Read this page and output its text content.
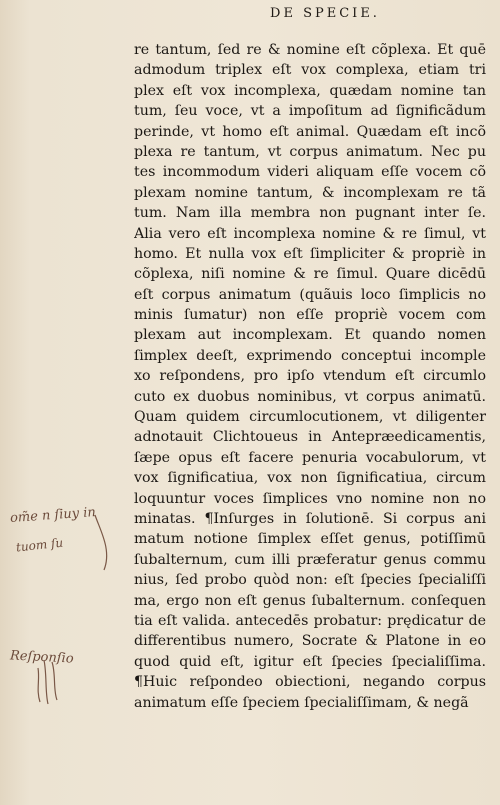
DE SPECIE.
re tantum, ſed re & nomine eſt cõplexa. Et quē
admodum triplex eſt vox complexa, etiam tri
plex eſt vox incomplexa, quædam nomine tan
tum, ſeu voce, vt a impoſitum ad ſignificãdum
perinde, vt homo eſt animal. Quædam eſt incõ
plexa re tantum, vt corpus animatum. Nec pu
tes incommodum videri aliquam eſſe vocem cõ
plexam nomine tantum, & incomplexam re tã
tum. Nam illa membra non pugnant inter ſe.
Alia vero eſt incomplexa nomine & re ſimul, vt
homo. Et nulla vox eſt ſimpliciter & propriè in
cõplexa, niſi nomine & re ſimul. Quare dicēdū
eſt corpus animatum (quãuis loco ſimplicis no
minis ſumatur) non eſſe propriè vocem com
plexam aut incomplexam. Et quando nomen
ſimplex deeſt, exprimendo conceptui incomple
xo reſpondens, pro ipſo vtendum eſt circumlo
cuto ex duobus nominibus, vt corpus animatū.
Quam quidem circumlocutionem, vt diligenter
adnotauit Clichtoueus in Antepræedicamentis,
ſæpe opus eſt facere penuria vocabulorum, vt
vox ſignificatiua, vox non ſignificatiua, circum
loquuntur voces ſimplices vno nomine non no
minatas. ¶Inſurges in ſolutionē. Si corpus ani
matum notione ſimplex eſſet genus, potiſſimū
ſubalternum, cum illi præferatur genus commu
nius, ſed probo quòd non: eſt ſpecies ſpecialiſſi
ma, ergo non eſt genus ſubalternum. conſequen
tia eſt valida. antecedēs probatur: prędicatur de
differentibus numero, Socrate & Platone in eo
quod quid eſt, igitur eſt ſpecies ſpecialiſſima.
¶Huic reſpondeo obiectioni, negando corpus
animatum eſſe ſpeciem ſpecialiſſimam, & negã
om̃e n ſiuy in
tuom ſu
Reſponſio
